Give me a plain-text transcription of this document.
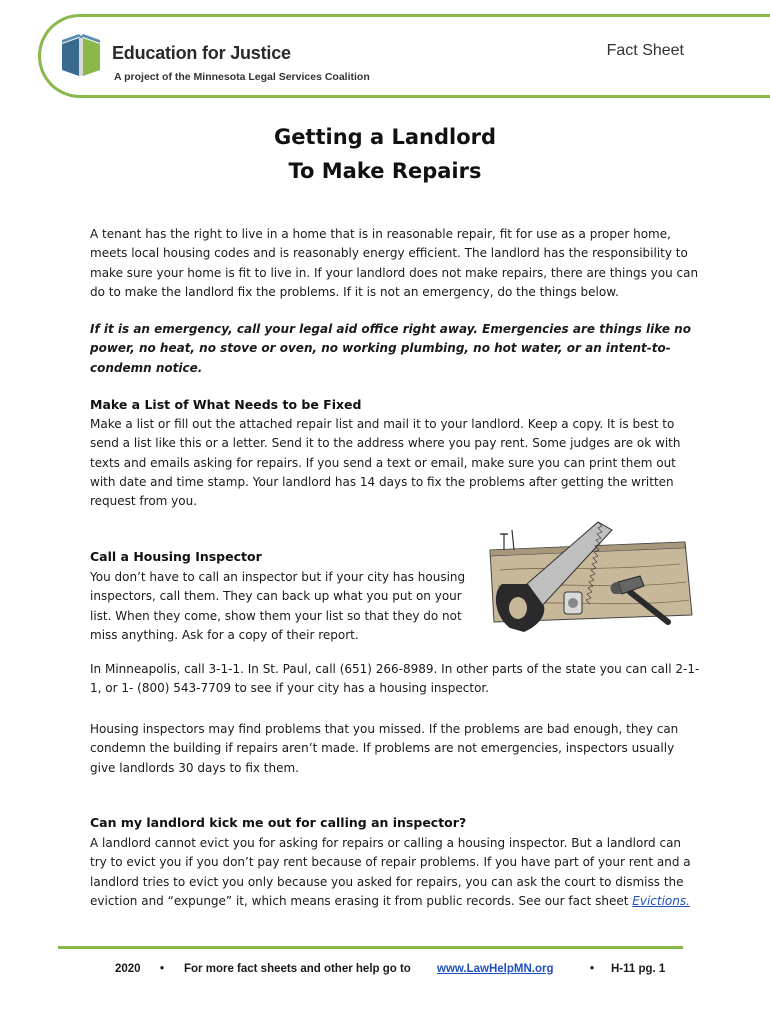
Education for Justice
A project of the Minnesota Legal Services Coalition
Fact Sheet
Getting a Landlord
To Make Repairs

A tenant has the right to live in a home that is in reasonable repair, fit for use as a proper home, meets local housing codes and is reasonably energy efficient. The landlord has the responsibility to make sure your home is fit to live in. If your landlord does not make repairs, there are things you can do to make the landlord fix the problems. If it is not an emergency, do the things below.

If it is an emergency, call your legal aid office right away. Emergencies are things like no power, no heat, no stove or oven, no working plumbing, no hot water, or an intent-to-condemn notice.

Make a List of What Needs to be Fixed

Make a list or fill out the attached repair list and mail it to your landlord. Keep a copy. It is best to send a list like this or a letter. Send it to the address where you pay rent. Some judges are ok with texts and emails asking for repairs. If you send a text or email, make sure you can print them out with date and time stamp. Your landlord has 14 days to fix the problems after getting the written request from you.

Call a Housing Inspector

You don’t have to call an inspector but if your city has housing inspectors, call them. They can back up what you put on your list. When they come, show them your list so that they do not miss anything. Ask for a copy of their report.

In Minneapolis, call 3-1-1. In St. Paul, call (651) 266-8989. In other parts of the state you can call 2-1-1, or 1- (800) 543-7709 to see if your city has a housing inspector.

Housing inspectors may find problems that you missed. If the problems are bad enough, they can condemn the building if repairs aren’t made. If problems are not emergencies, inspectors usually give landlords 30 days to fix them.

Can my landlord kick me out for calling an inspector?

A landlord cannot evict you for asking for repairs or calling a housing inspector. But a landlord can try to evict you if you don’t pay rent because of repair problems. If you have part of your rent and a landlord tries to evict you only because you asked for repairs, you can ask the court to dismiss the eviction and “expunge” it, which means erasing it from public records. See our fact sheet Evictions.

2020 • For more fact sheets and other help go to www.LawHelpMN.org	• H-11 pg. 1
